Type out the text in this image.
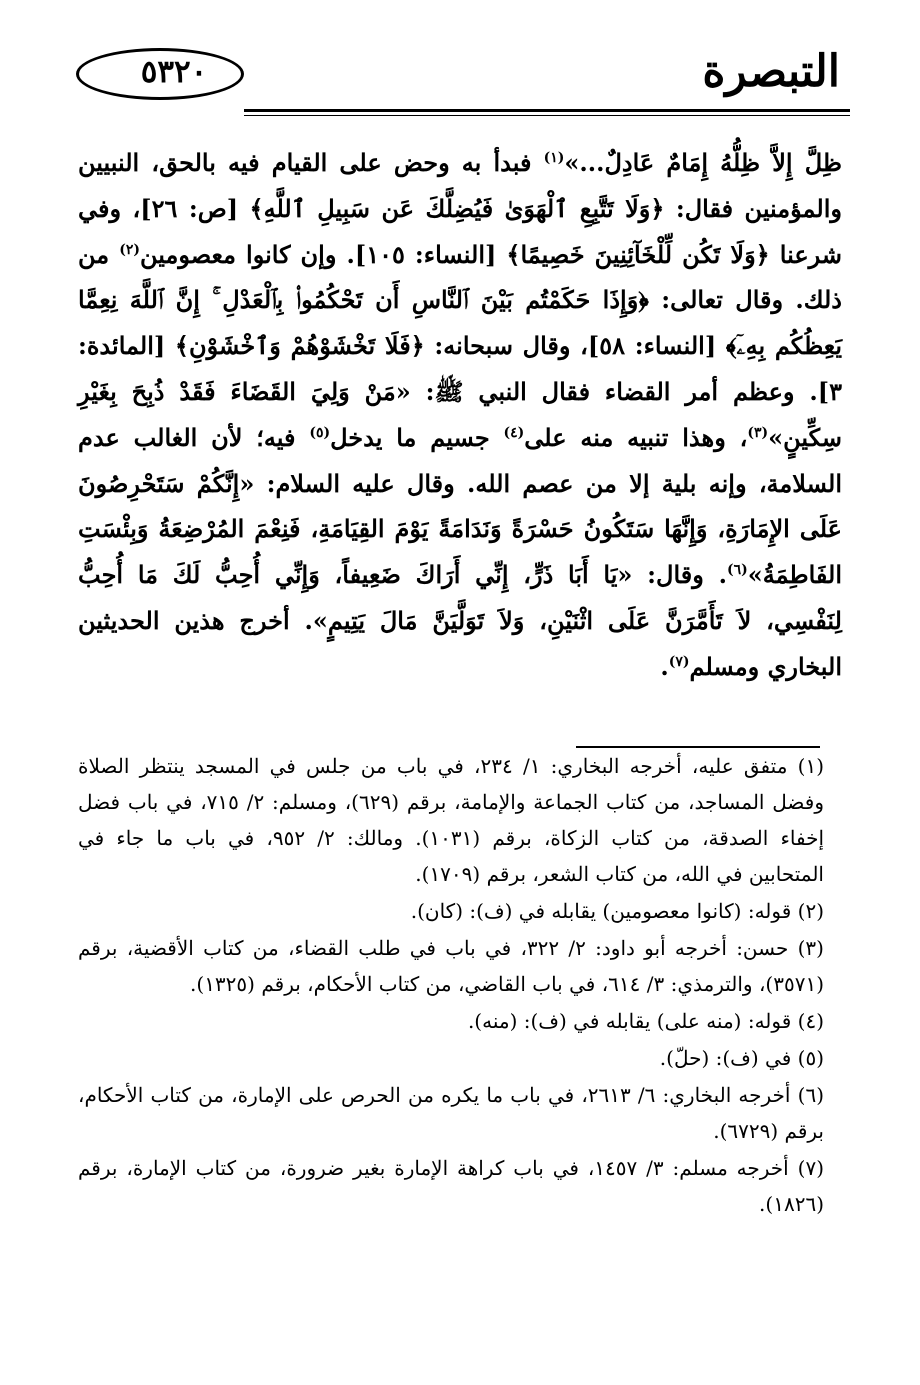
التبصرة
٥٣٢٠

ظِلَّ إِلاَّ ظِلُّهُ إِمَامٌ عَادِلٌ...»$^{(١)}$ فبدأ به وحض على القيام فيه بالحق، النبيين والمؤمنين فقال: ﴿وَلَا تَتَّبِعِ ٱلْهَوَىٰ فَيُضِلَّكَ عَن سَبِيلِ ٱللَّهِ﴾ [ص: ٢٦]، وفي شرعنا ﴿وَلَا تَكُن لِّلْخَآئِنِينَ خَصِيمًا﴾ [النساء: ١٠٥]. وإن كانوا معصومين$^{(٢)}$ من ذلك. وقال تعالى: ﴿وَإِذَا حَكَمْتُم بَيْنَ ٱلنَّاسِ أَن تَحْكُمُوا۟ بِٱلْعَدْلِ ۚ إِنَّ ٱللَّهَ نِعِمَّا يَعِظُكُم بِهِۦٓ﴾ [النساء: ٥٨]، وقال سبحانه: ﴿فَلَا تَخْشَوْهُمْ وَٱخْشَوْنِ﴾ [المائدة: ٣]. وعظم أمر القضاء فقال النبي ﷺ: «مَنْ وَلِيَ القَضَاءَ فَقَدْ ذُبِحَ بِغَيْرِ سِكِّينٍ»$^{(٣)}$، وهذا تنبيه منه على$^{(٤)}$ جسيم ما يدخل$^{(٥)}$ فيه؛ لأن الغالب عدم السلامة، وإنه بلية إلا من عصم الله. وقال عليه السلام: «إِنَّكُمْ سَتَحْرِصُونَ عَلَى الإِمَارَةِ، وَإِنَّهَا سَتَكُونُ حَسْرَةً وَنَدَامَةً يَوْمَ القِيَامَةِ، فَنِعْمَ المُرْضِعَةُ وَبِئْسَتِ الفَاطِمَةُ»$^{(٦)}$. وقال: «يَا أَبَا ذَرٍّ، إِنِّي أَرَاكَ ضَعِيفاً، وَإِنِّي أُحِبُّ لَكَ مَا أُحِبُّ لِنَفْسِي، لاَ تَأَمَّرَنَّ عَلَى اثْنَيْنِ، وَلاَ تَوَلَّيَنَّ مَالَ يَتِيمٍ». أخرج هذين الحديثين البخاري ومسلم$^{(٧)}$.

(١) متفق عليه، أخرجه البخاري: ١/ ٢٣٤، في باب من جلس في المسجد ينتظر الصلاة وفضل المساجد، من كتاب الجماعة والإمامة، برقم (٦٢٩)، ومسلم: ٢/ ٧١٥، في باب فضل إخفاء الصدقة، من كتاب الزكاة، برقم (١٠٣١). ومالك: ٢/ ٩٥٢، في باب ما جاء في المتحابين في الله، من كتاب الشعر، برقم (١٧٠٩).

(٢) قوله: (كانوا معصومين) يقابله في (ف): (كان).

(٣) حسن: أخرجه أبو داود: ٢/ ٣٢٢، في باب في طلب القضاء، من كتاب الأقضية، برقم (٣٥٧١)، والترمذي: ٣/ ٦١٤، في باب القاضي، من كتاب الأحكام، برقم (١٣٢٥).

(٤) قوله: (منه على) يقابله في (ف): (منه).

(٥) في (ف): (حلّ).

(٦) أخرجه البخاري: ٦/ ٢٦١٣، في باب ما يكره من الحرص على الإمارة، من كتاب الأحكام، برقم (٦٧٢٩).

(٧) أخرجه مسلم: ٣/ ١٤٥٧، في باب كراهة الإمارة بغير ضرورة، من كتاب الإمارة، برقم (١٨٢٦).
